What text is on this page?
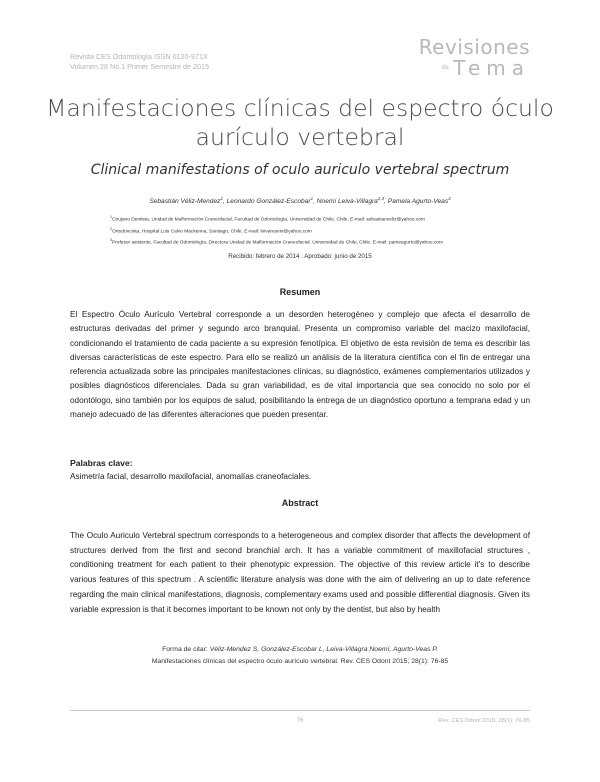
Revista CES Odontología ISSN 0120-971X
Volumen 28 No.1 Primer Semestre de 2015
Revisiones
de Tema
Manifestaciones clínicas del espectro óculo aurículo vertebral
Clinical manifestations of oculo auriculo vertebral spectrum
Sebastián Véliz-Mendez$^1$, Leonardo González-Escobar$^1$, Noemí Leiva-Villagra$^{2,3}$, Pamela Agurto-Veas$^3$
$^1$Cirujano Dentista, Unidad de Malformación Craneofacial, Facultad de Odontología, Universidad de Chile, Chile. E-mail: sebastianveliz@yahoo.com
$^2$Ortodoncista, Hospital Luis Calvo Mackenna, Santiago, Chile. E-mail: leivanoemi@yahoo.com
$^3$Profesor asistente, Facultad de Odontología, Directora Unidad de Malformación Craneofacial. Universidad de Chile, Chile. E-mail: pameagurto@yahoo.com
Recibido: febrero de 2014 . Aprobado: junio de 2015
Resumen
El Espectro Óculo Aurículo Vertebral corresponde a un desorden heterogéneo y complejo que afecta el desarrollo de estructuras derivadas del primer y segundo arco branquial. Presenta un compromiso variable del macizo maxilofacial, condicionando el tratamiento de cada paciente a su expresión fenotípica. El objetivo de esta revisión de tema es describir las diversas características de este espectro. Para ello se realizó un análisis de la literatura científica con el fin de entregar una referencia actualizada sobre las principales manifestaciones clínicas, su diagnóstico, exámenes complementarios utilizados y posibles diagnósticos diferenciales. Dada su gran variabilidad, es de vital importancia que sea conocido no solo por el odontólogo, sino también por los equipos de salud, posibilitando la entrega de un diagnóstico oportuno a temprana edad y un manejo adecuado de las diferentes alteraciones que pueden presentar.
Palabras clave:
Asimetría facial, desarrollo maxilofacial, anomalías craneofaciales.
Abstract
The Oculo Auriculo Vertebral spectrum corresponds to a heterogeneous and complex disorder that affects the development of structures derived from the first and second branchial arch. It has a variable commitment of maxillofacial structures , conditioning treatment for each patient to their phenotypic expression. The objective of this review article it's to describe various features of this spectrum . A scientific literature analysis was done with the aim of delivering an up to date reference regarding the main clinical manifestations, diagnosis, complementary exams used and possible differential diagnosis. Given its variable expression is that it becomes important to be known not only by the dentist, but also by health
Forma de citar: Véliz-Mendez S, González-Escobar L, Leiva-Villagra Noemí, Agurto-Veas P.
Manifestaciones clínicas del espectro óculo aurículo vertebral. Rev. CES Odont 2015; 28(1): 76-85
76	Rev. CES Odont 2015; 28(1): 76-85
